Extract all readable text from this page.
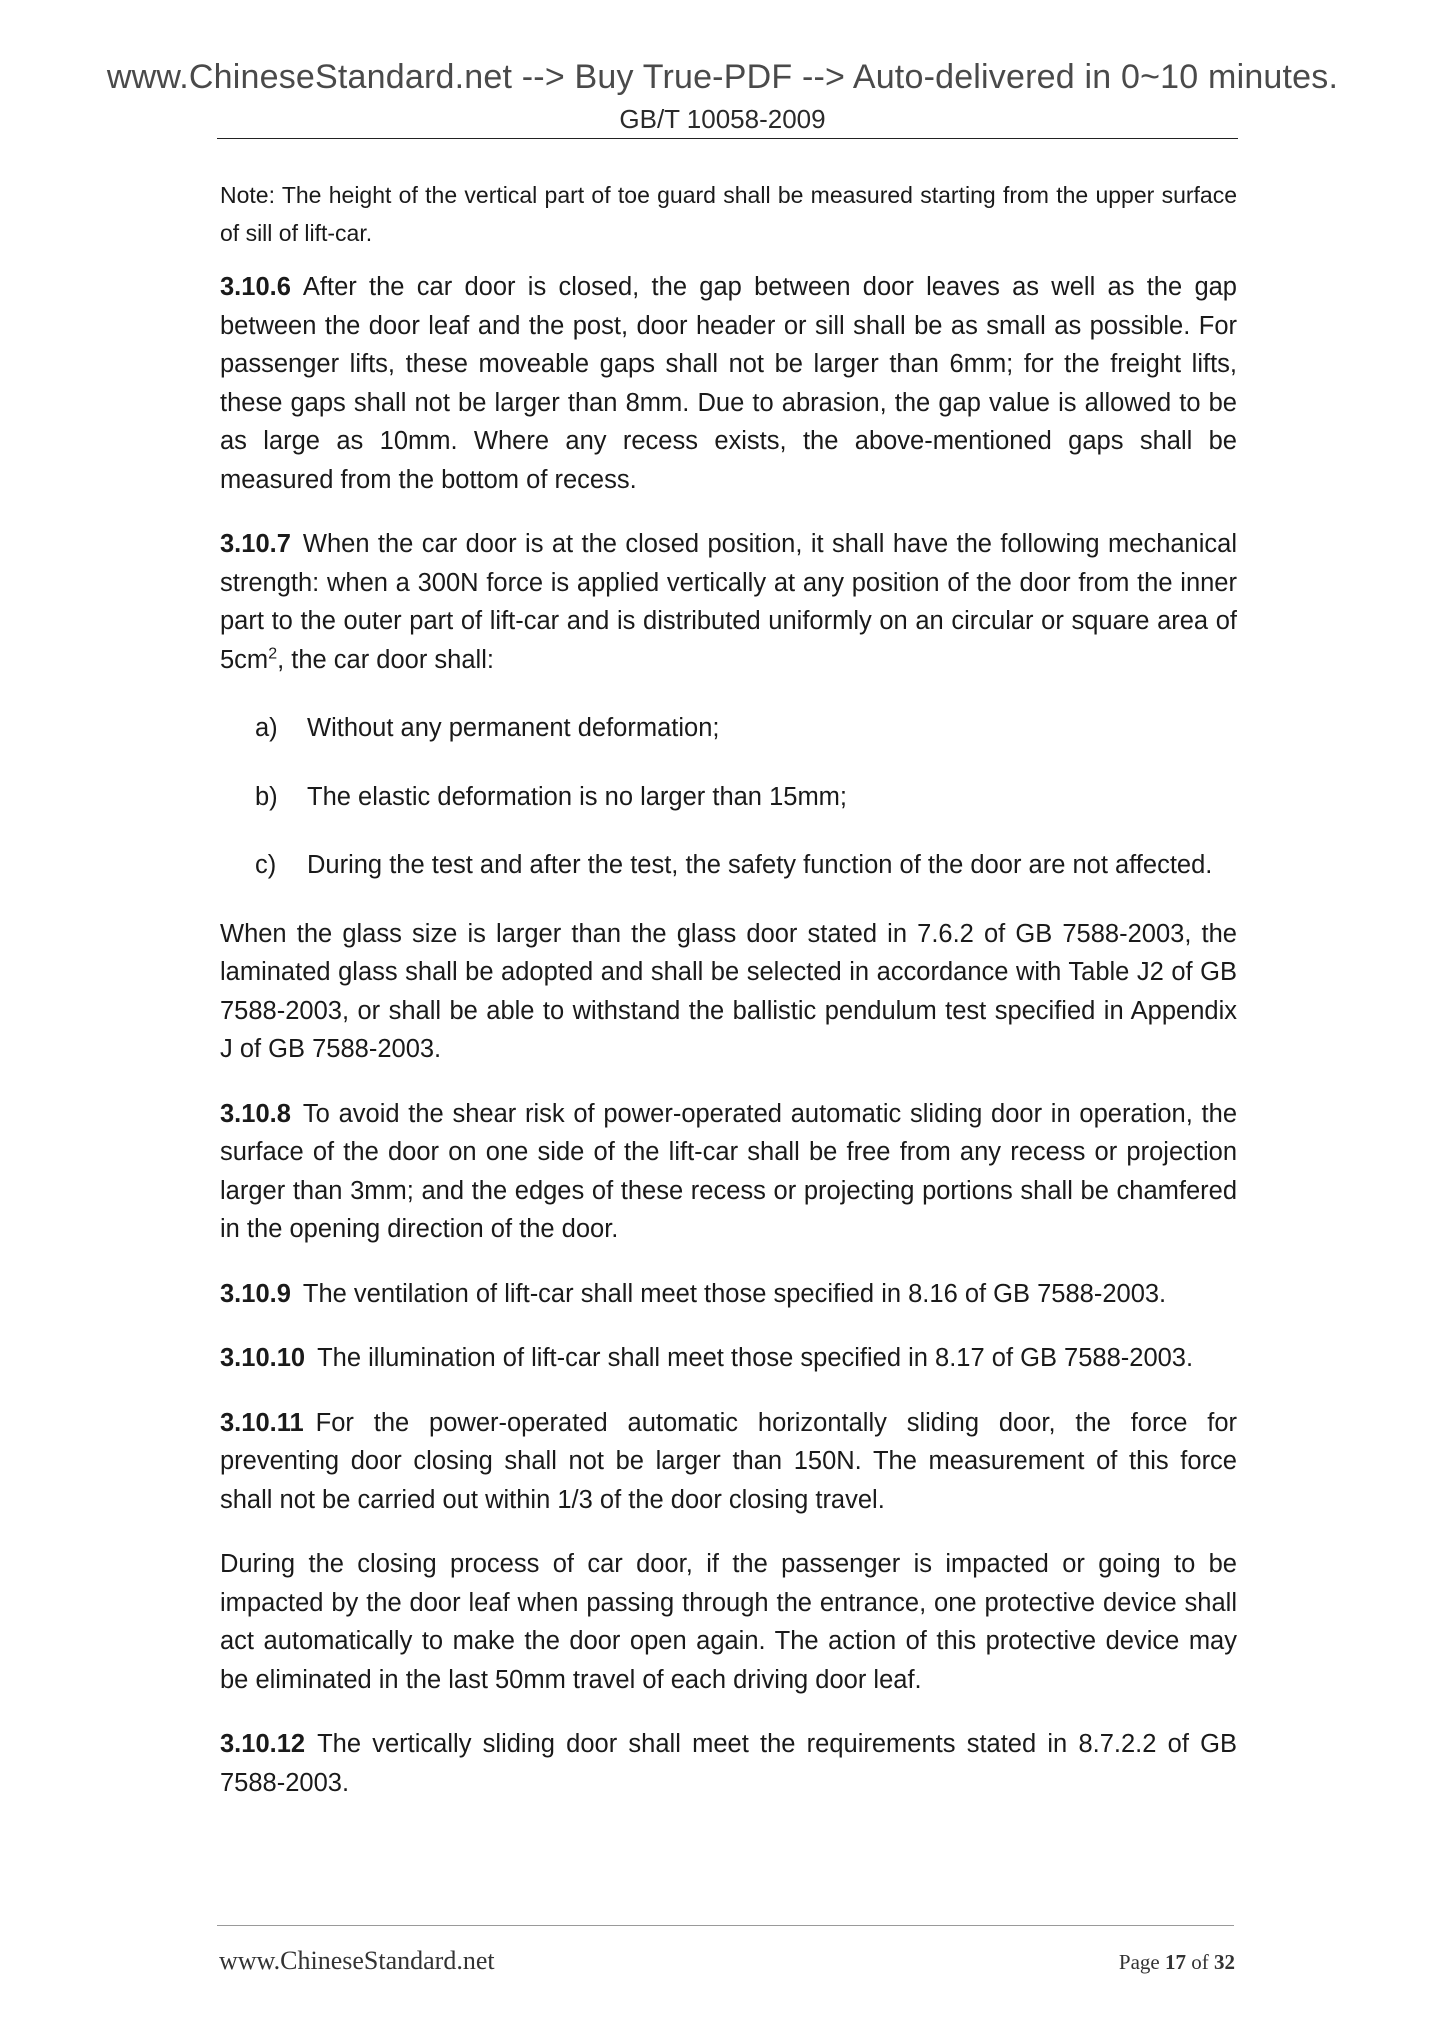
www.ChineseStandard.net --> Buy True-PDF --> Auto-delivered in 0~10 minutes.
GB/T 10058-2009

Note: The height of the vertical part of toe guard shall be measured starting from the upper surface of sill of lift-car.

3.10.6 After the car door is closed, the gap between door leaves as well as the gap between the door leaf and the post, door header or sill shall be as small as possible. For passenger lifts, these moveable gaps shall not be larger than 6mm; for the freight lifts, these gaps shall not be larger than 8mm. Due to abrasion, the gap value is allowed to be as large as 10mm. Where any recess exists, the above-mentioned gaps shall be measured from the bottom of recess.

3.10.7 When the car door is at the closed position, it shall have the following mechanical strength: when a 300N force is applied vertically at any position of the door from the inner part to the outer part of lift-car and is distributed uniformly on an circular or square area of $5cm^2$, the car door shall:

a)	Without any permanent deformation;
b)	The elastic deformation is no larger than 15mm;
c)	During the test and after the test, the safety function of the door are not affected.

When the glass size is larger than the glass door stated in 7.6.2 of GB 7588-2003, the laminated glass shall be adopted and shall be selected in accordance with Table J2 of GB 7588-2003, or shall be able to withstand the ballistic pendulum test specified in Appendix J of GB 7588-2003.

3.10.8 To avoid the shear risk of power-operated automatic sliding door in operation, the surface of the door on one side of the lift-car shall be free from any recess or projection larger than 3mm; and the edges of these recess or projecting portions shall be chamfered in the opening direction of the door.

3.10.9 The ventilation of lift-car shall meet those specified in 8.16 of GB 7588-2003.

3.10.10 The illumination of lift-car shall meet those specified in 8.17 of GB 7588-2003.

3.10.11 For the power-operated automatic horizontally sliding door, the force for preventing door closing shall not be larger than 150N. The measurement of this force shall not be carried out within 1/3 of the door closing travel.

During the closing process of car door, if the passenger is impacted or going to be impacted by the door leaf when passing through the entrance, one protective device shall act automatically to make the door open again. The action of this protective device may be eliminated in the last 50mm travel of each driving door leaf.

3.10.12 The vertically sliding door shall meet the requirements stated in 8.7.2.2 of GB 7588-2003.

www.ChineseStandard.net	Page 17 of 32
